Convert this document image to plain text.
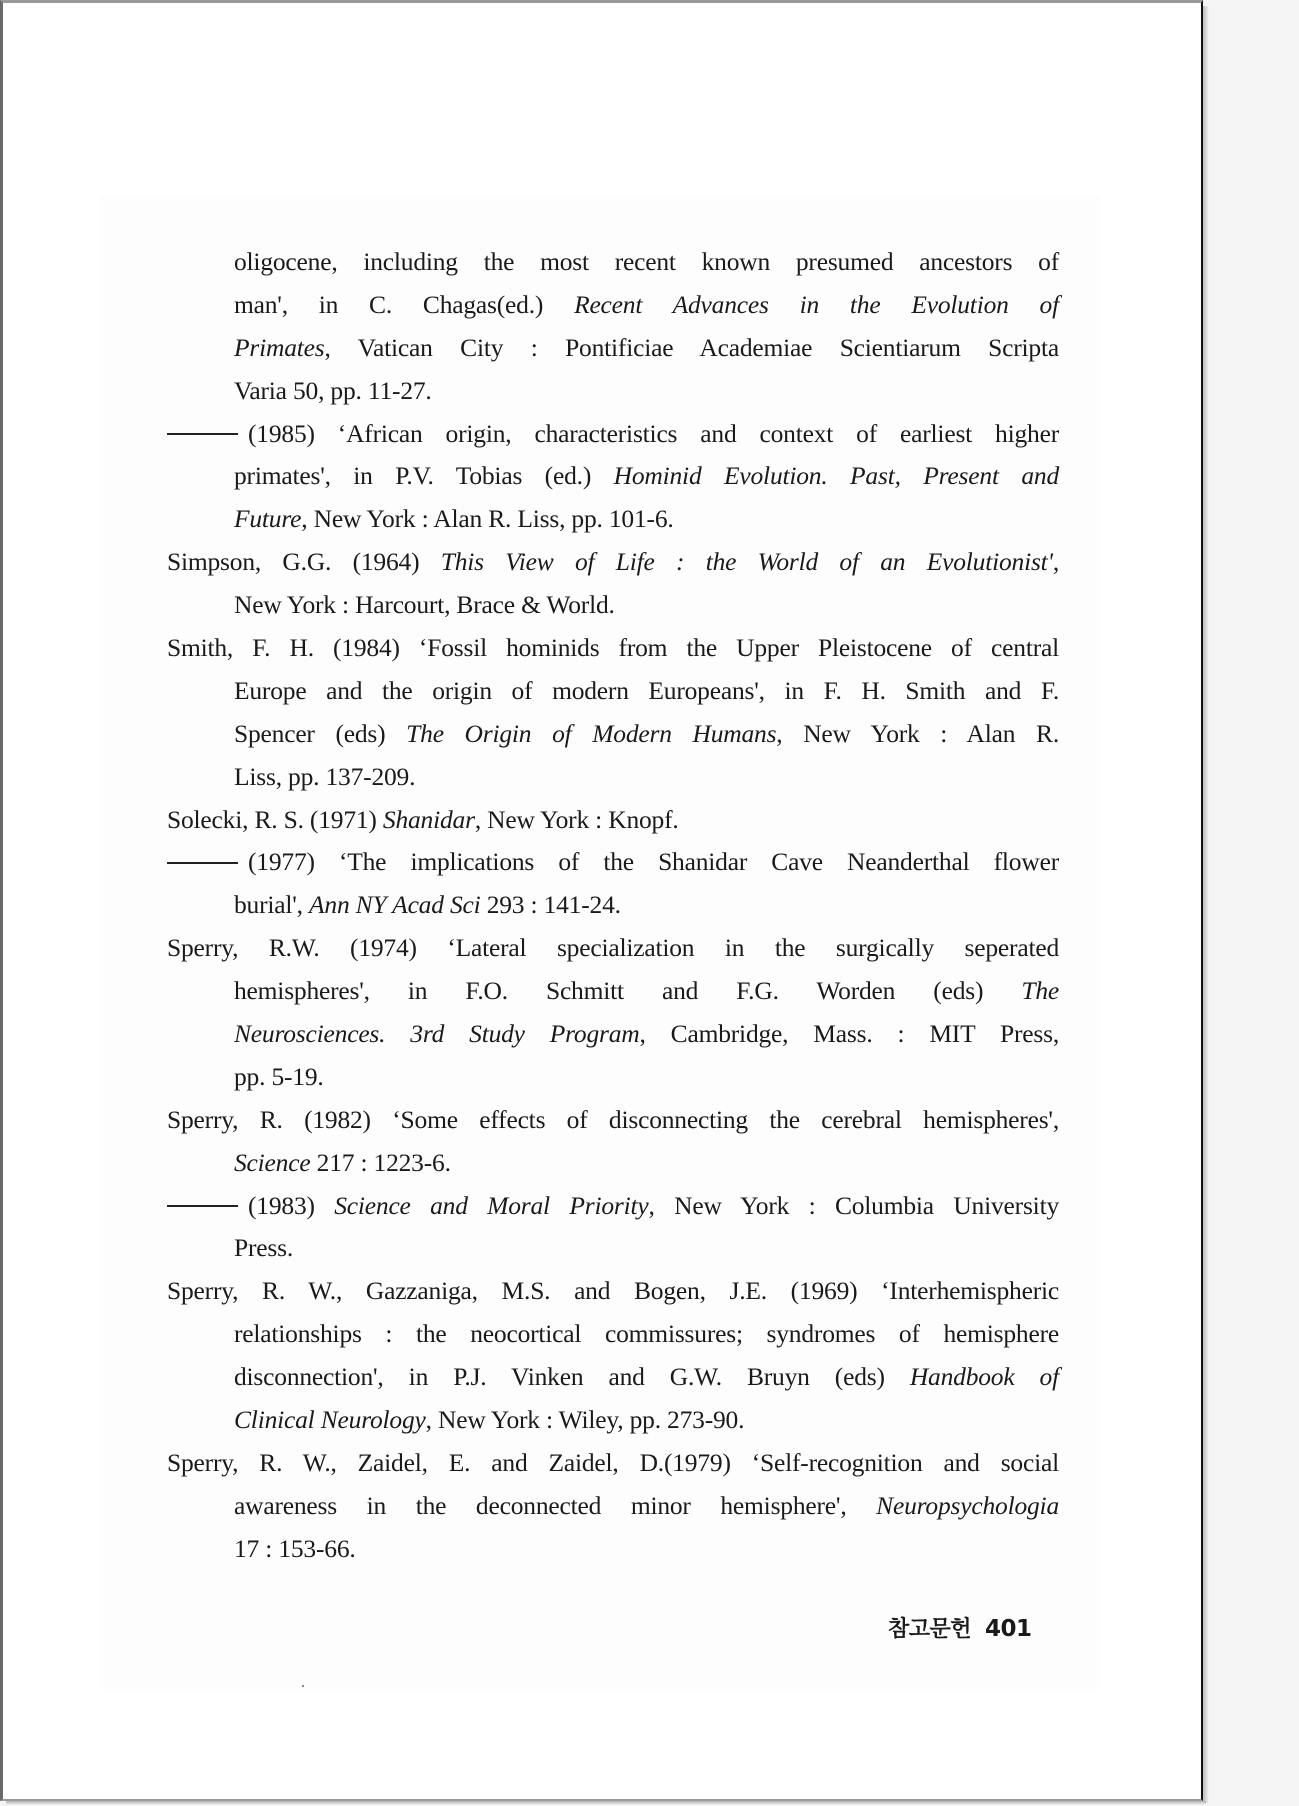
oligocene, including the most recent known presumed ancestors of
man', in C. Chagas(ed.) Recent Advances in the Evolution of
Primates, Vatican City : Pontificiae Academiae Scientiarum Scripta
Varia 50, pp. 11-27.
(1985) ‘African origin, characteristics and context of earliest higher
primates', in P.V. Tobias (ed.) Hominid Evolution. Past, Present and
Future, New York : Alan R. Liss, pp. 101-6.
Simpson, G.G. (1964) This View of Life : the World of an Evolutionist',
New York : Harcourt, Brace & World.
Smith, F. H. (1984) ‘Fossil hominids from the Upper Pleistocene of central
Europe and the origin of modern Europeans', in F. H. Smith and F.
Spencer (eds) The Origin of Modern Humans, New York : Alan R.
Liss, pp. 137-209.
Solecki, R. S. (1971) Shanidar, New York : Knopf.
(1977) ‘The implications of the Shanidar Cave Neanderthal flower
burial', Ann NY Acad Sci 293 : 141-24.
Sperry, R.W. (1974) ‘Lateral specialization in the surgically seperated
hemispheres', in F.O. Schmitt and F.G. Worden (eds) The
Neurosciences. 3rd Study Program, Cambridge, Mass. : MIT Press,
pp. 5-19.
Sperry, R. (1982) ‘Some effects of disconnecting the cerebral hemispheres',
Science 217 : 1223-6.
(1983) Science and Moral Priority, New York : Columbia University
Press.
Sperry, R. W., Gazzaniga, M.S. and Bogen, J.E. (1969) ‘Interhemispheric
relationships : the neocortical commissures; syndromes of hemisphere
disconnection', in P.J. Vinken and G.W. Bruyn (eds) Handbook of
Clinical Neurology, New York : Wiley, pp. 273-90.
Sperry, R. W., Zaidel, E. and Zaidel, D.(1979) ‘Self-recognition and social
awareness in the deconnected minor hemisphere', Neuropsychologia
17 : 153-66.
참고문헌 401
